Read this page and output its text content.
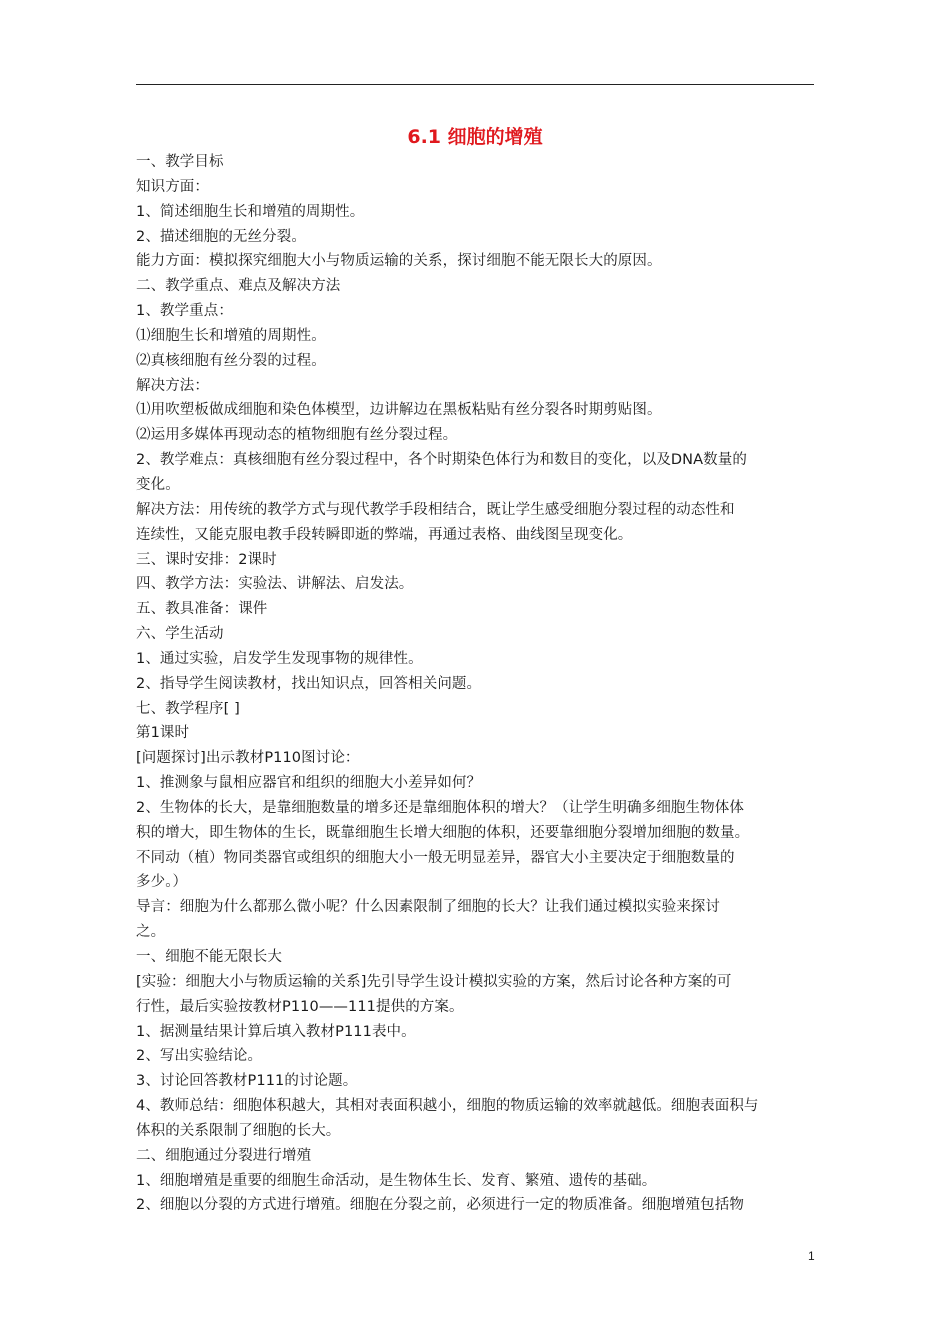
6.1 细胞的增殖

一、教学目标

知识方面：

1、简述细胞生长和增殖的周期性。

2、描述细胞的无丝分裂。

能力方面：模拟探究细胞大小与物质运输的关系，探讨细胞不能无限长大的原因。

二、教学重点、难点及解决方法

1、教学重点：

⑴细胞生长和增殖的周期性。

⑵真核细胞有丝分裂的过程。

解决方法：

⑴用吹塑板做成细胞和染色体模型，边讲解边在黑板粘贴有丝分裂各时期剪贴图。

⑵运用多媒体再现动态的植物细胞有丝分裂过程。

2、教学难点：真核细胞有丝分裂过程中，各个时期染色体行为和数目的变化，以及DNA数量的

变化。

解决方法：用传统的教学方式与现代教学手段相结合，既让学生感受细胞分裂过程的动态性和

连续性，又能克服电教手段转瞬即逝的弊端，再通过表格、曲线图呈现变化。

三、课时安排：2课时

四、教学方法：实验法、讲解法、启发法。

五、教具准备：课件

六、学生活动

1、通过实验，启发学生发现事物的规律性。

2、指导学生阅读教材，找出知识点，回答相关问题。

七、教学程序[ ]

第1课时

[问题探讨]出示教材P110图讨论：

1、推测象与鼠相应器官和组织的细胞大小差异如何？

2、生物体的长大，是靠细胞数量的增多还是靠细胞体积的增大？（让学生明确多细胞生物体体

积的增大，即生物体的生长，既靠细胞生长增大细胞的体积，还要靠细胞分裂增加细胞的数量。

不同动（植）物同类器官或组织的细胞大小一般无明显差异，器官大小主要决定于细胞数量的

多少。）

导言：细胞为什么都那么微小呢？什么因素限制了细胞的长大？让我们通过模拟实验来探讨

之。

一、细胞不能无限长大

[实验：细胞大小与物质运输的关系]先引导学生设计模拟实验的方案，然后讨论各种方案的可

行性，最后实验按教材P110——111提供的方案。

1、据测量结果计算后填入教材P111表中。

2、写出实验结论。

3、讨论回答教材P111的讨论题。

4、教师总结：细胞体积越大，其相对表面积越小，细胞的物质运输的效率就越低。细胞表面积与

体积的关系限制了细胞的长大。

二、细胞通过分裂进行增殖

1、细胞增殖是重要的细胞生命活动，是生物体生长、发育、繁殖、遗传的基础。

2、细胞以分裂的方式进行增殖。细胞在分裂之前，必须进行一定的物质准备。细胞增殖包括物

1
